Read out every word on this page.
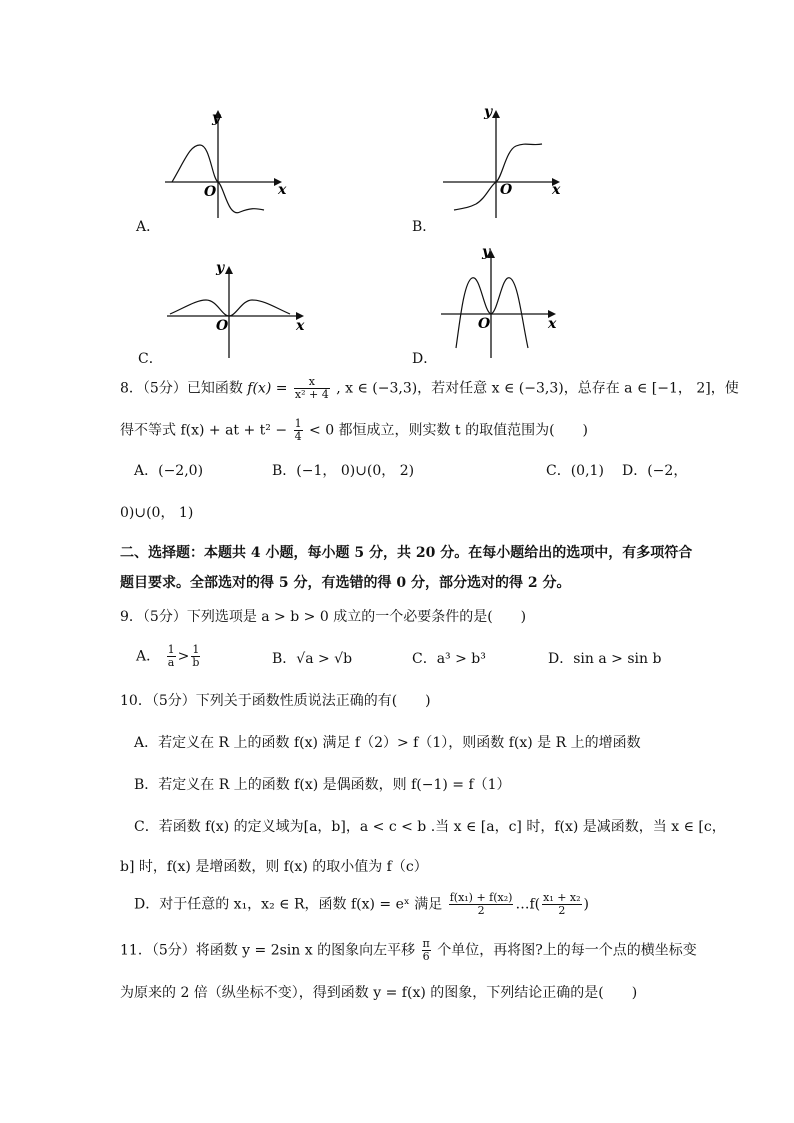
y
x
O
A．
y
x
O
B．
y
x
O
C．
y
x
O
D．
8．（5分）已知函数 $f(x) = \frac{x}{\text{x² + 4}}$ , x ∈ (−3,3)，若对任意 x ∈ (−3,3)，总存在 a ∈ [−1， 2]，使
得不等式 f(x) + at + $t^2 - \frac{1}{4} < 0$ 都恒成立，则实数 t 的取值范围为(　　)
A．(−2,0)	B．(−1， 0)∪(0， 2)	C．(0,1) D．(−2，
0)∪(0， 1)
二、选择题：本题共 4 小题，每小题 5 分，共 20 分。在每小题给出的选项中，有多项符合
题目要求。全部选对的得 5 分，有选错的得 0 分，部分选对的得 2 分。
9．（5分）下列选项是 a > b > 0 成立的一个必要条件的是(　　)
A． $\frac{1}{a} > \frac{1}{b}$	B．√a > √b	C．a³ > b³	D．sin a > sin b
10．（5分）下列关于函数性质说法正确的有(　　)
A．若定义在 R 上的函数 f(x) 满足 f（2）> f（1），则函数 f(x) 是 R 上的增函数
B．若定义在 R 上的函数 f(x) 是偶函数，则 f(−1) = f（1）
C．若函数 f(x) 的定义域为[a，b]，a < c < b .当 x ∈ [a，c] 时，f(x) 是减函数，当 x ∈ [c，
b] 时，f(x) 是增函数，则 f(x) 的取小值为 f（c）
D．对于任意的 x₁，x₂ ∈ R，函数 f(x) = eˣ 满足 $\frac{\text{f(x₁) + f(x₂)}}{2}$ …f( $\frac{\text{x₁ + x₂}}{2}$ )
11．（5分）将函数 y = 2sin x 的图象向左平移 $\frac{\pi}{6}$ 个单位，再将图?上的每一个点的横坐标变
为原来的 2 倍（纵坐标不变），得到函数 y = f(x) 的图象，下列结论正确的是(　　)
